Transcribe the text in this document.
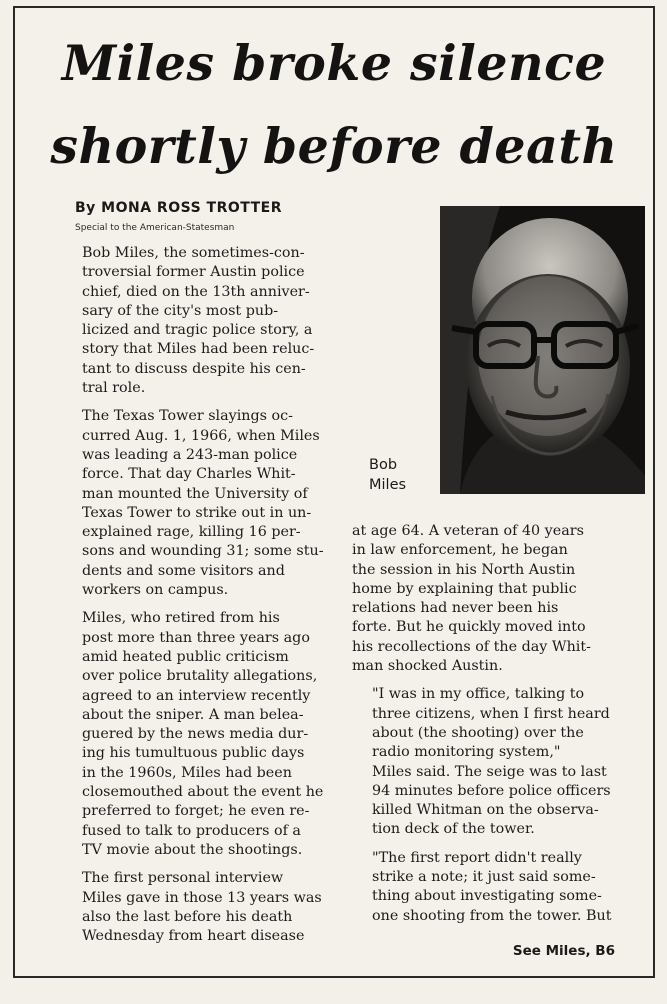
Miles broke silence
shortly before death
By MONA ROSS TROTTER
Special to the American-Statesman

Bob Miles, the sometimes-con-
troversial former Austin police
chief, died on the 13th anniver-
sary of the city's most pub-
licized and tragic police story, a
story that Miles had been reluc-
tant to discuss despite his cen-
tral role.

The Texas Tower slayings oc-
curred Aug. 1, 1966, when Miles
was leading a 243-man police
force. That day Charles Whit-
man mounted the University of
Texas Tower to strike out in un-
explained rage, killing 16 per-
sons and wounding 31; some stu-
dents and some visitors and
workers on campus.

Miles, who retired from his
post more than three years ago
amid heated public criticism
over police brutality allegations,
agreed to an interview recently
about the sniper. A man belea-
guered by the news media dur-
ing his tumultuous public days
in the 1960s, Miles had been
closemouthed about the event he
preferred to forget; he even re-
fused to talk to producers of a
TV movie about the shootings.

The first personal interview
Miles gave in those 13 years was
also the last before his death
Wednesday from heart disease

Bob
Miles

at age 64. A veteran of 40 years
in law enforcement, he began
the session in his North Austin
home by explaining that public
relations had never been his
forte. But he quickly moved into
his recollections of the day Whit-
man shocked Austin.

"I was in my office, talking to
three citizens, when I first heard
about (the shooting) over the
radio monitoring system,"
Miles said. The seige was to last
94 minutes before police officers
killed Whitman on the observa-
tion deck of the tower.

"The first report didn't really
strike a note; it just said some-
thing about investigating some-
one shooting from the tower. But

See Miles, B6
